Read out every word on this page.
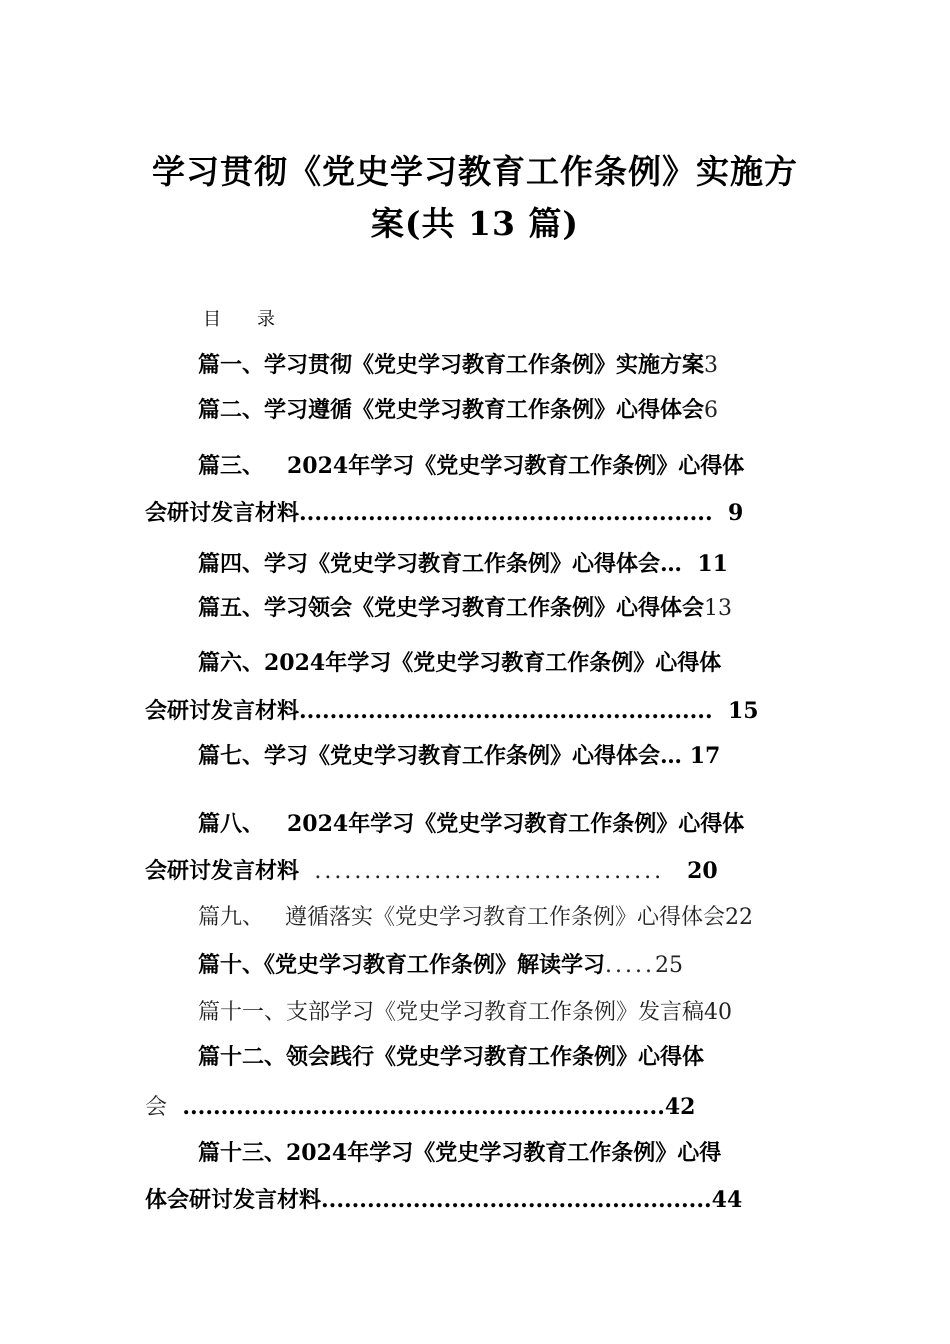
学习贯彻《党史学习教育工作条例》实施方
案(共 13 篇)
目 录
篇一、学习贯彻《党史学习教育工作条例》实施方案3
篇二、学习遵循《党史学习教育工作条例》心得体会6
篇三、   2024年学习《党史学习教育工作条例》心得体
会研讨发言材料...................................................... 9
篇四、学习《党史学习教育工作条例》心得体会… 11
篇五、学习领会《党史学习教育工作条例》心得体会13
篇六、2024年学习《党史学习教育工作条例》心得体
会研讨发言材料...................................................... 15
篇七、学习《党史学习教育工作条例》心得体会… 17
篇八、   2024年学习《党史学习教育工作条例》心得体
会研讨发言材料 ................................... 20
篇九、   遵循落实《党史学习教育工作条例》心得体会22
篇十、《党史学习教育工作条例》解读学习.....25
篇十一、支部学习《党史学习教育工作条例》发言稿40
篇十二、领会践行《党史学习教育工作条例》心得体
会 ...............................................................42
篇十三、2024年学习《党史学习教育工作条例》心得
体会研讨发言材料...................................................44
